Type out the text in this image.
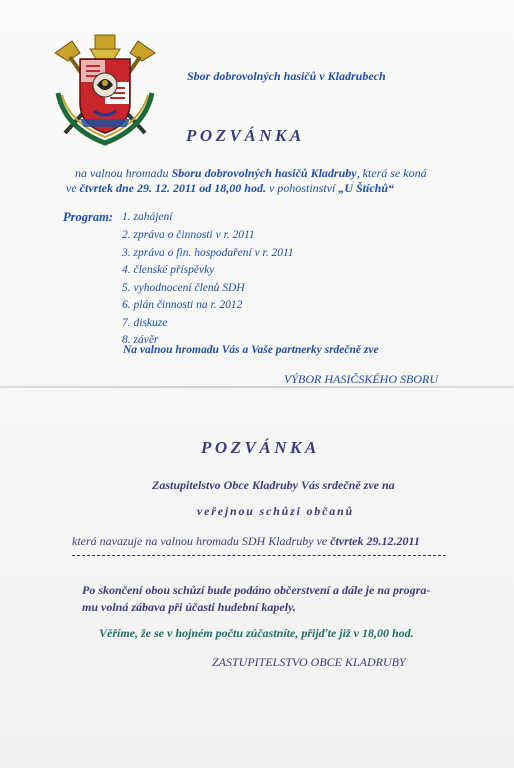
Sbor dobrovolných hasičů v Kladrubech
POZVÁNKA
na valnou hromadu Sboru dobrovolných hasičů Kladruby, která se koná
ve čtvrtek dne 29. 12. 2011 od 18,00 hod. v pohostinství „U Štíchů“
Program: 1. zahájení
2. zpráva o činnosti v r. 2011
3. zpráva o fin. hospodaření v r. 2011
4. členské příspěvky
5. vyhodnocení členů SDH
6. plán činnosti na r. 2012
7. diskuze
8. závěr
Na valnou hromadu Vás a Vaše partnerky srdečně zve
VÝBOR HASIČSKÉHO SBORU
POZVÁNKA
Zastupitelstvo Obce Kladruby Vás srdečně zve na
veřejnou schůzi občanů
která navazuje na valnou hromadu SDH Kladruby ve čtvrtek 29.12.2011
Po skončení obou schůzí bude podáno občerstvení a dále je na progra-
mu volná zábava při účasti hudební kapely.
Věříme, že se v hojném počtu zúčastníte, přijďte již v 18,00 hod.
ZASTUPITELSTVO OBCE KLADRUBY
